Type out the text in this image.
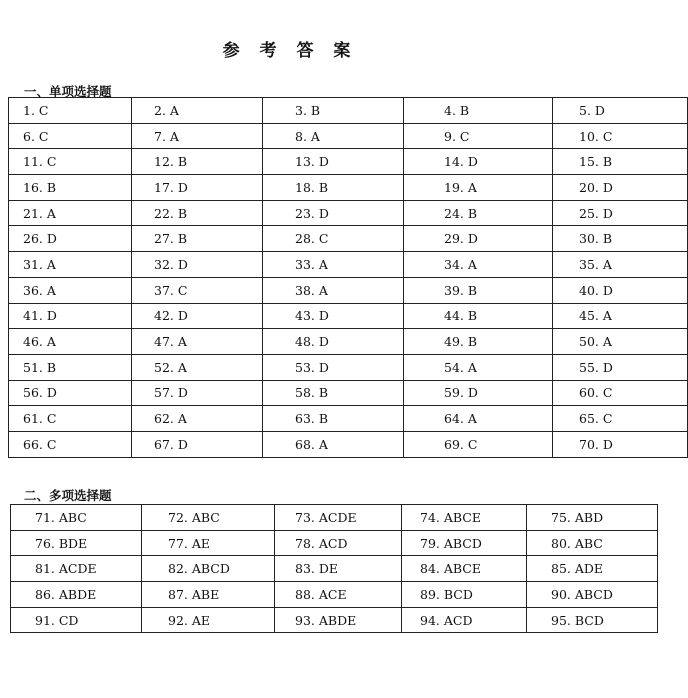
参 考 答 案
一、单项选择题
1. C	2. A	3. B	4. B	5. D
6. C	7. A	8. A	9. C	10. C
11. C	12. B	13. D	14. D	15. B
16. B	17. D	18. B	19. A	20. D
21. A	22. B	23. D	24. B	25. D
26. D	27. B	28. C	29. D	30. B
31. A	32. D	33. A	34. A	35. A
36. A	37. C	38. A	39. B	40. D
41. D	42. D	43. D	44. B	45. A
46. A	47. A	48. D	49. B	50. A
51. B	52. A	53. D	54. A	55. D
56. D	57. D	58. B	59. D	60. C
61. C	62. A	63. B	64. A	65. C
66. C	67. D	68. A	69. C	70. D
二、多项选择题
71. ABC	72. ABC	73. ACDE	74. ABCE	75. ABD
76. BDE	77. AE	78. ACD	79. ABCD	80. ABC
81. ACDE	82. ABCD	83. DE	84. ABCE	85. ADE
86. ABDE	87. ABE	88. ACE	89. BCD	90. ABCD
91. CD	92. AE	93. ABDE	94. ACD	95. BCD
